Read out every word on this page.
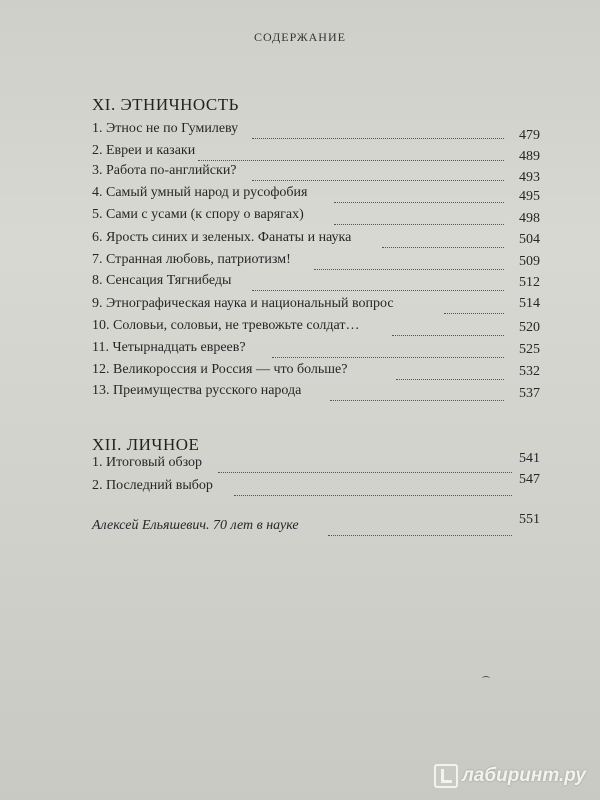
СОДЕРЖАНИЕ
XI. ЭТНИЧНОСТЬ
1. Этнос не по Гумилеву	479
2. Евреи и казаки	489
3. Работа по-английски?	493
4. Самый умный народ и русофобия	495
5. Сами с усами (к спору о варягах)	498
6. Ярость синих и зеленых. Фанаты и наука	504
7. Странная любовь, патриотизм!	509
8. Сенсация Тягнибеды	512
9. Этнографическая наука и национальный вопрос	514
10. Соловьи, соловьи, не тревожьте солдат…	520
11. Четырнадцать евреев?	525
12. Великороссия и Россия — что больше?	532
13. Преимущества русского народа	537
XII. ЛИЧНОЕ
1. Итоговый обзор	541
2. Последний выбор	547
Алексей Ельяшевич. 70 лет в науке	551
лабиринт.ру
